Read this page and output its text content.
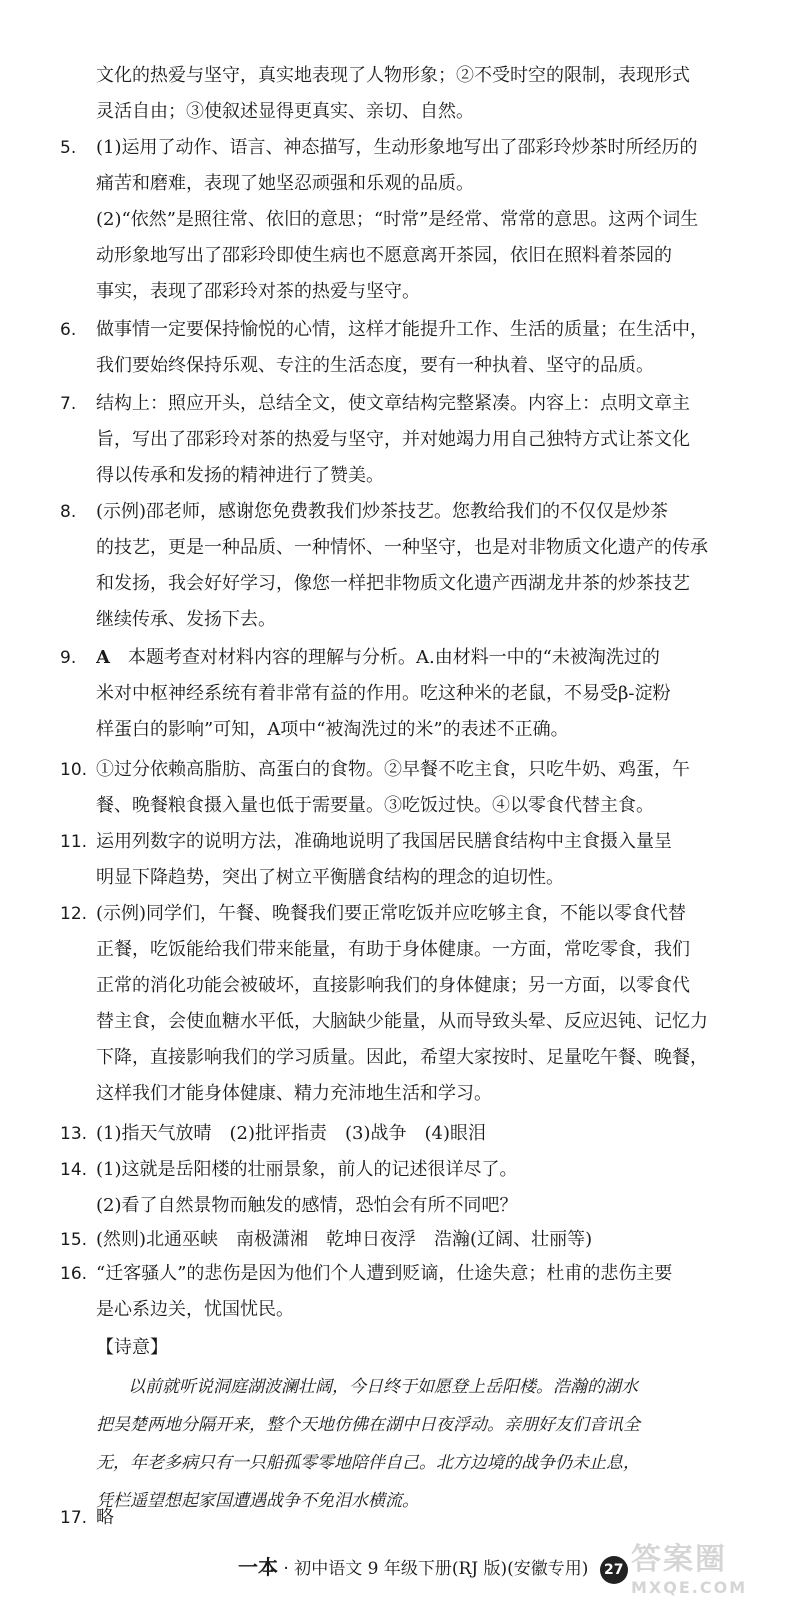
文化的热爱与坚守，真实地表现了人物形象；②不受时空的限制，表现形式
灵活自由；③使叙述显得更真实、亲切、自然。
5. (1)运用了动作、语言、神态描写，生动形象地写出了邵彩玲炒茶时所经历的
痛苦和磨难，表现了她坚忍顽强和乐观的品质。
(2)“依然”是照往常、依旧的意思；“时常”是经常、常常的意思。这两个词生
动形象地写出了邵彩玲即使生病也不愿意离开茶园，依旧在照料着茶园的
事实，表现了邵彩玲对茶的热爱与坚守。
6. 做事情一定要保持愉悦的心情，这样才能提升工作、生活的质量；在生活中，
我们要始终保持乐观、专注的生活态度，要有一种执着、坚守的品质。
7. 结构上：照应开头，总结全文，使文章结构完整紧凑。内容上：点明文章主
旨，写出了邵彩玲对茶的热爱与坚守，并对她竭力用自己独特方式让茶文化
得以传承和发扬的精神进行了赞美。
8. (示例)邵老师，感谢您免费教我们炒茶技艺。您教给我们的不仅仅是炒茶
的技艺，更是一种品质、一种情怀、一种坚守，也是对非物质文化遗产的传承
和发扬，我会好好学习，像您一样把非物质文化遗产西湖龙井茶的炒茶技艺
继续传承、发扬下去。
9. A　 本题考查对材料内容的理解与分析。A.由材料一中的“未被淘洗过的
米对中枢神经系统有着非常有益的作用。吃这种米的老鼠，不易受β-淀粉
样蛋白的影响”可知，A项中“被淘洗过的米”的表述不正确。
10. ①过分依赖高脂肪、高蛋白的食物。②早餐不吃主食，只吃牛奶、鸡蛋，午
餐、晚餐粮食摄入量也低于需要量。③吃饭过快。④以零食代替主食。
11. 运用列数字的说明方法，准确地说明了我国居民膳食结构中主食摄入量呈
明显下降趋势，突出了树立平衡膳食结构的理念的迫切性。
12. (示例)同学们，午餐、晚餐我们要正常吃饭并应吃够主食，不能以零食代替
正餐，吃饭能给我们带来能量，有助于身体健康。一方面，常吃零食，我们
正常的消化功能会被破坏，直接影响我们的身体健康；另一方面，以零食代
替主食，会使血糖水平低，大脑缺少能量，从而导致头晕、反应迟钝、记忆力
下降，直接影响我们的学习质量。因此，希望大家按时、足量吃午餐、晚餐，
这样我们才能身体健康、精力充沛地生活和学习。
13. (1)指天气放晴　(2)批评指责　(3)战争　(4)眼泪
14. (1)这就是岳阳楼的壮丽景象，前人的记述很详尽了。
(2)看了自然景物而触发的感情，恐怕会有所不同吧？
15. (然则)北通巫峡　南极潇湘　乾坤日夜浮　浩瀚(辽阔、壮丽等)
16. “迁客骚人”的悲伤是因为他们个人遭到贬谪，仕途失意；杜甫的悲伤主要
是心系边关，忧国忧民。
【诗意】
以前就听说洞庭湖波澜壮阔，今日终于如愿登上岳阳楼。浩瀚的湖水
把吴楚两地分隔开来，整个天地仿佛在湖中日夜浮动。亲朋好友们音讯全
无，年老多病只有一只船孤零零地陪伴自己。北方边境的战争仍未止息，
凭栏遥望想起家国遭遇战争不免泪水横流。
17. 略
一本 · 初中语文 9 年级下册(RJ 版)(安徽专用) 27 答案圈
MXQE.COM
